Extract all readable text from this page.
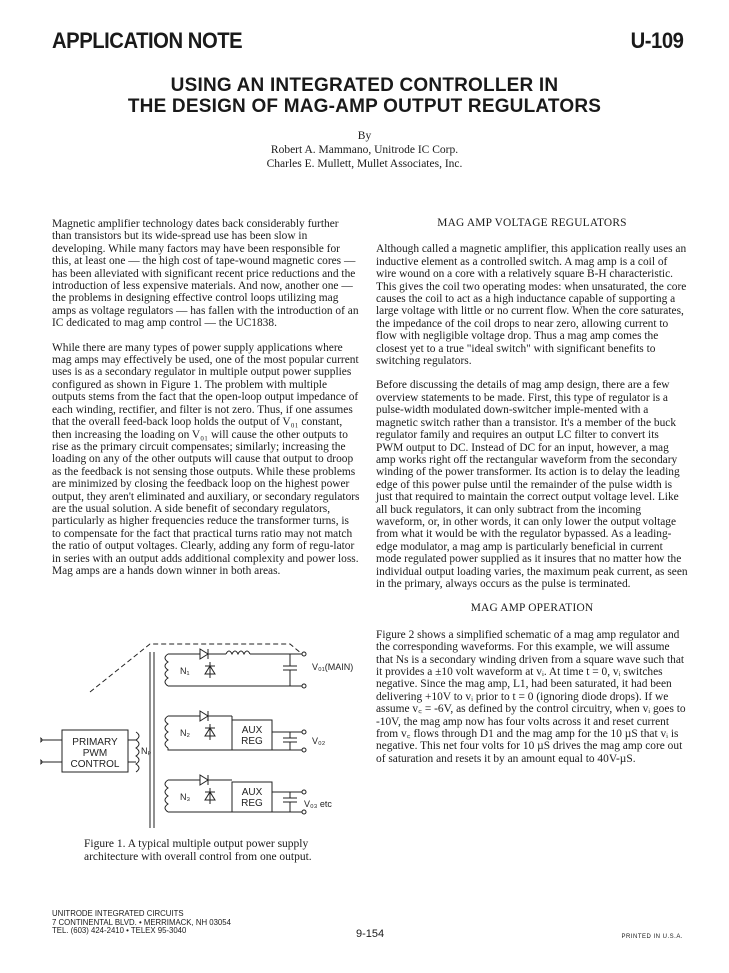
APPLICATION NOTE	U-109
USING AN INTEGRATED CONTROLLER IN
THE DESIGN OF MAG-AMP OUTPUT REGULATORS
By
Robert A. Mammano, Unitrode IC Corp.
Charles E. Mullett, Mullet Associates, Inc.

Magnetic amplifier technology dates back considerably further than transistors but its wide-spread use has been slow in developing. While many factors may have been responsible for this, at least one — the high cost of tape-wound magnetic cores — has been alleviated with significant recent price reductions and the introduction of less expensive materials. And now, another one — the problems in designing effective control loops utilizing mag amps as voltage regulators — has fallen with the introduction of an IC dedicated to mag amp control — the UC1838.

While there are many types of power supply applications where mag amps may effectively be used, one of the most popular current uses is as a secondary regulator in multiple output power supplies configured as shown in Figure 1. The problem with multiple outputs stems from the fact that the open-loop output impedance of each winding, rectifier, and filter is not zero. Thus, if one assumes that the overall feed-back loop holds the output of V₀₁ constant, then increasing the loading on V₀₁ will cause the other outputs to rise as the primary circuit compensates; similarly; increasing the loading on any of the other outputs will cause that output to droop as the feedback is not sensing those outputs. While these problems are minimized by closing the feedback loop on the highest power output, they aren't eliminated and auxiliary, or secondary regulators are the usual solution. A side benefit of secondary regulators, particularly as higher frequencies reduce the transformer turns, is to compensate for the fact that practical turns ratio may not match the ratio of output voltages. Clearly, adding any form of regu-lator in series with an output adds additional complexity and power loss. Mag amps are a hands down winner in both areas.

MAG AMP VOLTAGE REGULATORS

Although called a magnetic amplifier, this application really uses an inductive element as a controlled switch. A mag amp is a coil of wire wound on a core with a relatively square B-H characteristic. This gives the coil two operating modes: when unsaturated, the core causes the coil to act as a high inductance capable of supporting a large voltage with little or no current flow. When the core saturates, the impedance of the coil drops to near zero, allowing current to flow with negligible voltage drop. Thus a mag amp comes the closest yet to a true "ideal switch" with significant benefits to switching regulators.

Before discussing the details of mag amp design, there are a few overview statements to be made. First, this type of regulator is a pulse-width modulated down-switcher imple-mented with a magnetic switch rather than a transistor. It's a member of the buck regulator family and requires an output LC filter to convert its PWM output to DC. Instead of DC for an input, however, a mag amp works right off the rectangular waveform from the secondary winding of the power transformer. Its action is to delay the leading edge of this power pulse until the remainder of the pulse width is just that required to maintain the correct output voltage level. Like all buck regulators, it can only subtract from the incoming waveform, or, in other words, it can only lower the output voltage from what it would be with the regulator bypassed. As a leading-edge modulator, a mag amp is particularly beneficial in current mode regulated power supplied as it insures that no matter how the individual output loading varies, the maximum peak current, as seen in the primary, always occurs as the pulse is terminated.

MAG AMP OPERATION

Figure 2 shows a simplified schematic of a mag amp regulator and the corresponding waveforms. For this example, we will assume that Ns is a secondary winding driven from a square wave such that it provides a ±10 volt waveform at vᵢ. At time t = 0, vᵢ switches negative. Since the mag amp, L1, had been saturated, it had been delivering +10V to vᵢ prior to t = 0 (ignoring diode drops). If we assume v꜀ = -6V, as defined by the control circuitry, when vᵢ goes to -10V, the mag amp now has four volts across it and reset current from v꜀ flows through D1 and the mag amp for the 10 µS that vᵢ is negative. This net four volts for 10 µS drives the mag amp core out of saturation and resets it by an amount equal to 40V-µS.

PRIMARY
PWM
CONTROL
Nₚ
N₁
N₂
N₃
AUX
REG
AUX
REG
V₀₁(MAIN)
V₀₂
V₀₃ etc
Figure 1. A typical multiple output power supply architecture with overall control from one output.
UNITRODE INTEGRATED CIRCUITS
7 CONTINENTAL BLVD. • MERRIMACK, NH 03054
TEL. (603) 424-2410 • TELEX 95-3040	9-154	PRINTED IN U.S.A.
